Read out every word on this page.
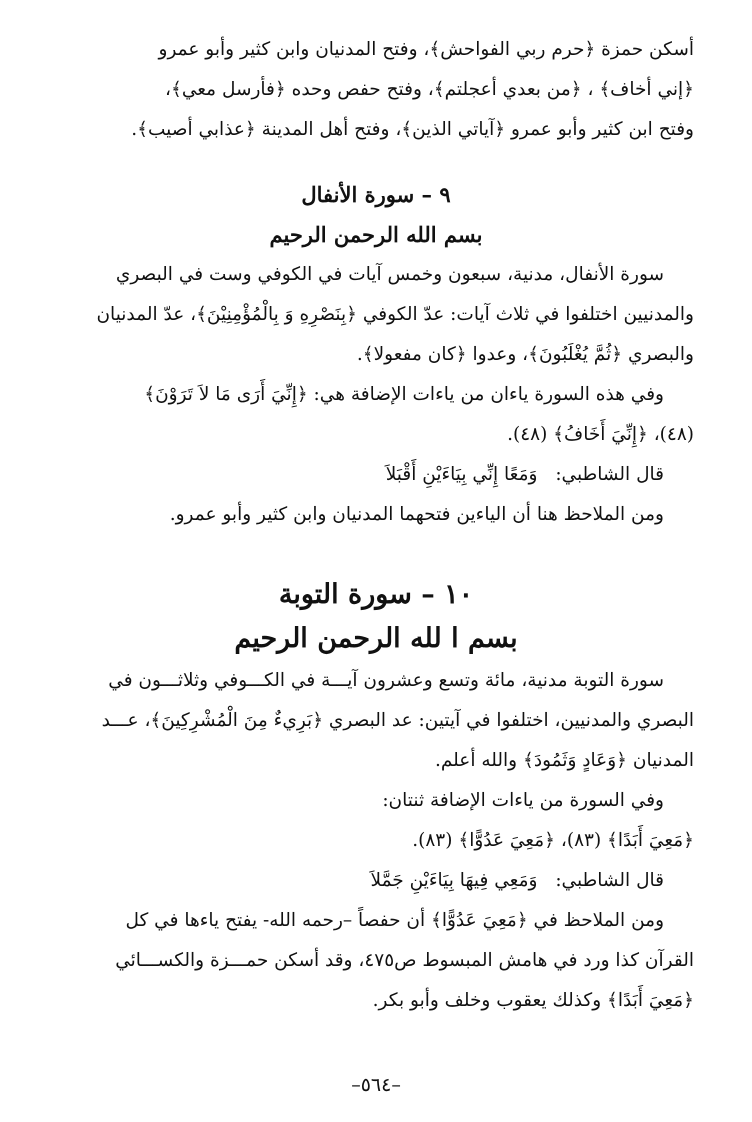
أسكن حمزة ﴿حرم ربي الفواحش﴾، وفتح المدنيان وابن كثير وأبو عمرو
﴿إني أخاف﴾ ، ﴿من بعدي أعجلتم﴾، وفتح حفص وحده ﴿فأرسل معي﴾،
وفتح ابن كثير وأبو عمرو ﴿آياتي الذين﴾، وفتح أهل المدينة ﴿عذابي أصيب﴾.

٩ – سورة الأنفال
بسم الله الرحمن الرحيم

سورة الأنفال، مدنية، سبعون وخمس آيات في الكوفي وست في البصري
والمدنيين اختلفوا في ثلاث آيات: عدّ الكوفي ﴿بِنَصْرِهِ وَ بِالْمُؤْمِنِيْنَ﴾، عدّ المدنيان
والبصري ﴿ثُمَّ يُغْلَبُونَ﴾، وعدوا ﴿كان مفعولا﴾.

وفي هذه السورة ياءان من ياءات الإضافة هي: ﴿إِنِّيَ أَرَى مَا لاَ تَرَوْنَ﴾
(٤٨)، ﴿إِنِّيَ أَخَافُ﴾ (٤٨).

قال الشاطبي: وَمَعًا إِنِّي بِيَاءَيْنِ أَقْبَلاَ

ومن الملاحظ هنا أن الياءين فتحهما المدنيان وابن كثير وأبو عمرو.

١٠ – سورة التوبة
بسم ا لله الرحمن الرحيم

سورة التوبة مدنية، مائة وتسع وعشرون آيـــة في الكـــوفي وثلاثـــون في
البصري والمدنيين، اختلفوا في آيتين: عد البصري ﴿بَرِيءٌ مِنَ الْمُشْرِكِينَ﴾، عـــد
المدنيان ﴿وَعَادٍ وَثَمُودَ﴾ والله أعلم.

وفي السورة من ياءات الإضافة ثنتان:
﴿مَعِيَ أَبَدًا﴾ (٨٣)، ﴿مَعِيَ عَدُوًّا﴾ (٨٣).

قال الشاطبي: وَمَعِي فِيهَا بِيَاءَيْنِ جَمَّلاَ

ومن الملاحظ في ﴿مَعِيَ عَدُوًّا﴾ أن حفصاً –رحمه الله- يفتح ياءها في كل
القرآن كذا ورد في هامش المبسوط ص٤٧٥، وقد أسكن حمـــزة والكســـائي
﴿مَعِيَ أَبَدًا﴾ وكذلك يعقوب وخلف وأبو بكر.

–٥٦٤–
